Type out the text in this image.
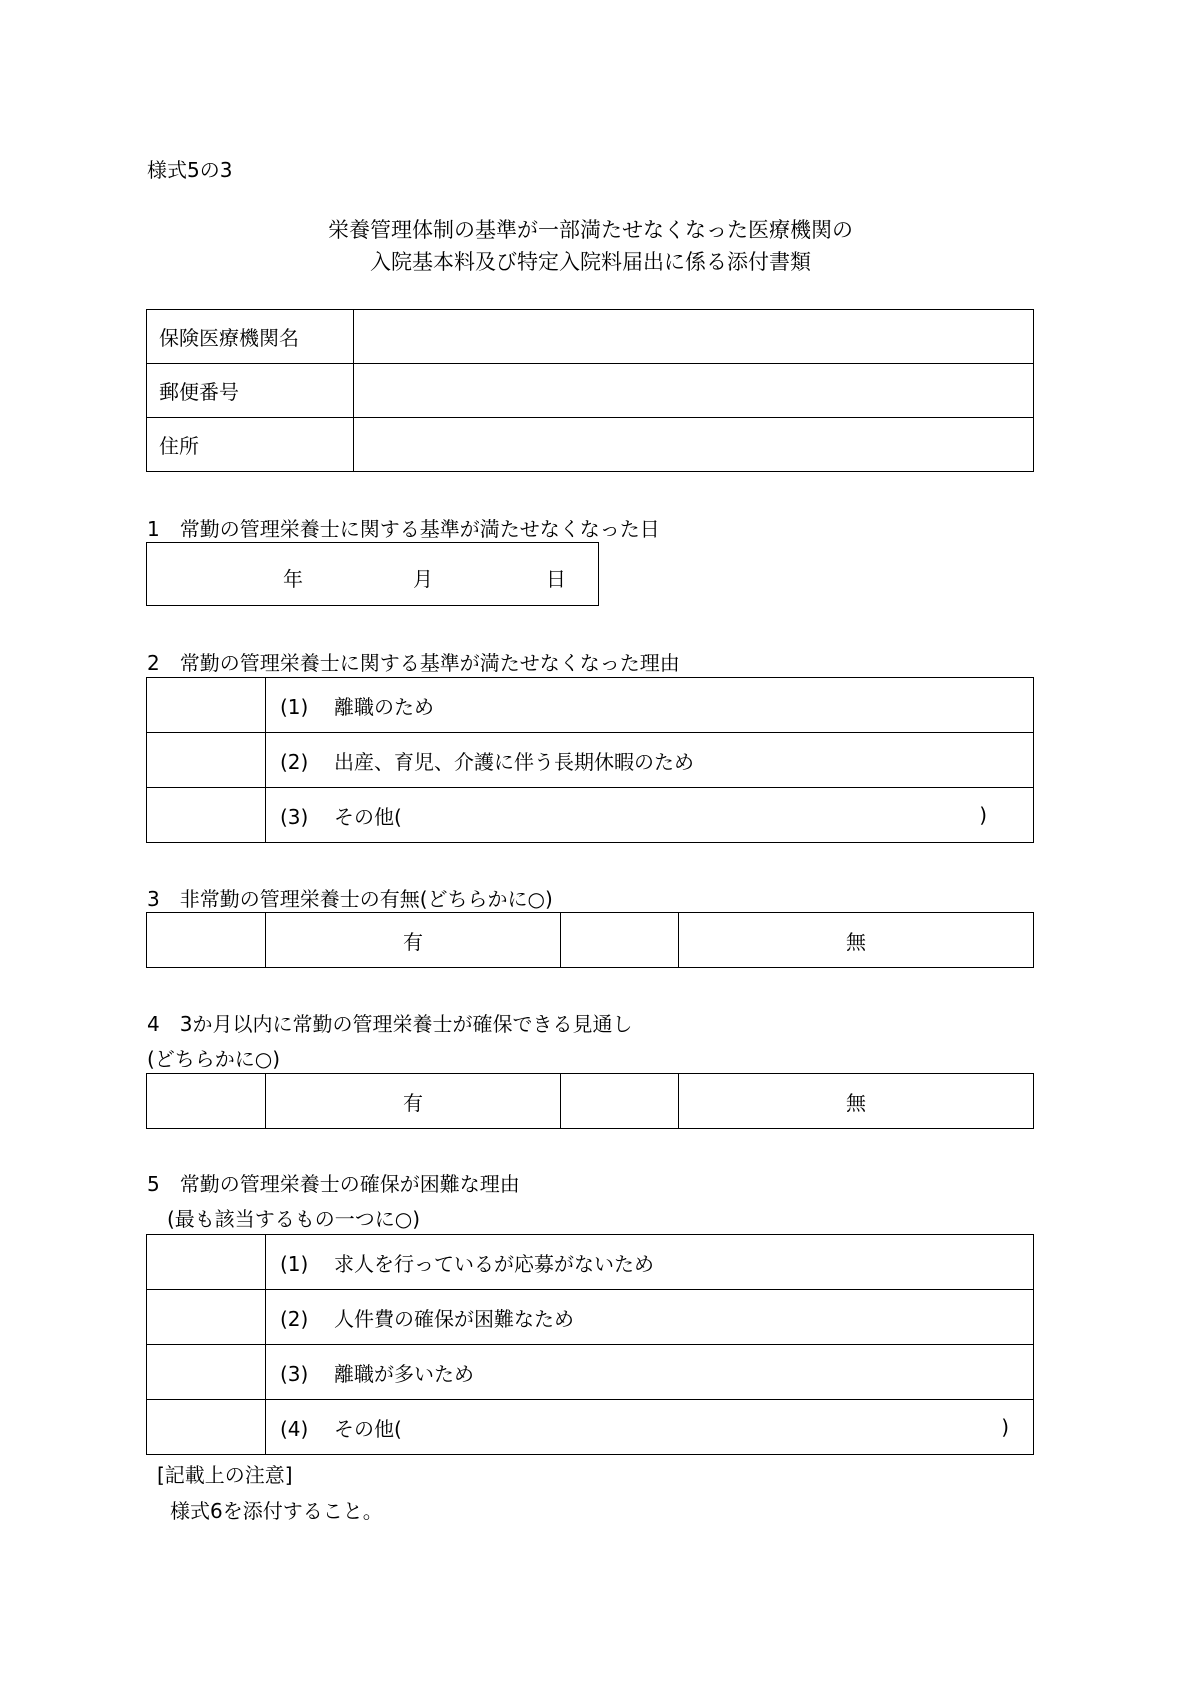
様式5の3
栄養管理体制の基準が一部満たせなくなった医療機関の
入院基本料及び特定入院料届出に係る添付書類
保険医療機関名	
郵便番号	
住所	
1　常勤の管理栄養士に関する基準が満たせなくなった日
年	月	日
2　常勤の管理栄養士に関する基準が満たせなくなった理由
	(1) 離職のため
	(2) 出産、育児、介護に伴う長期休暇のため
	(3) その他( )
3　非常勤の管理栄養士の有無(どちらかに○)
	有		無
4　3か月以内に常勤の管理栄養士が確保できる見通し
(どちらかに○)
	有		無
5　常勤の管理栄養士の確保が困難な理由
(最も該当するもの一つに○)
	(1) 求人を行っているが応募がないため
	(2) 人件費の確保が困難なため
	(3) 離職が多いため
	(4) その他( )
[記載上の注意]
様式6を添付すること。
